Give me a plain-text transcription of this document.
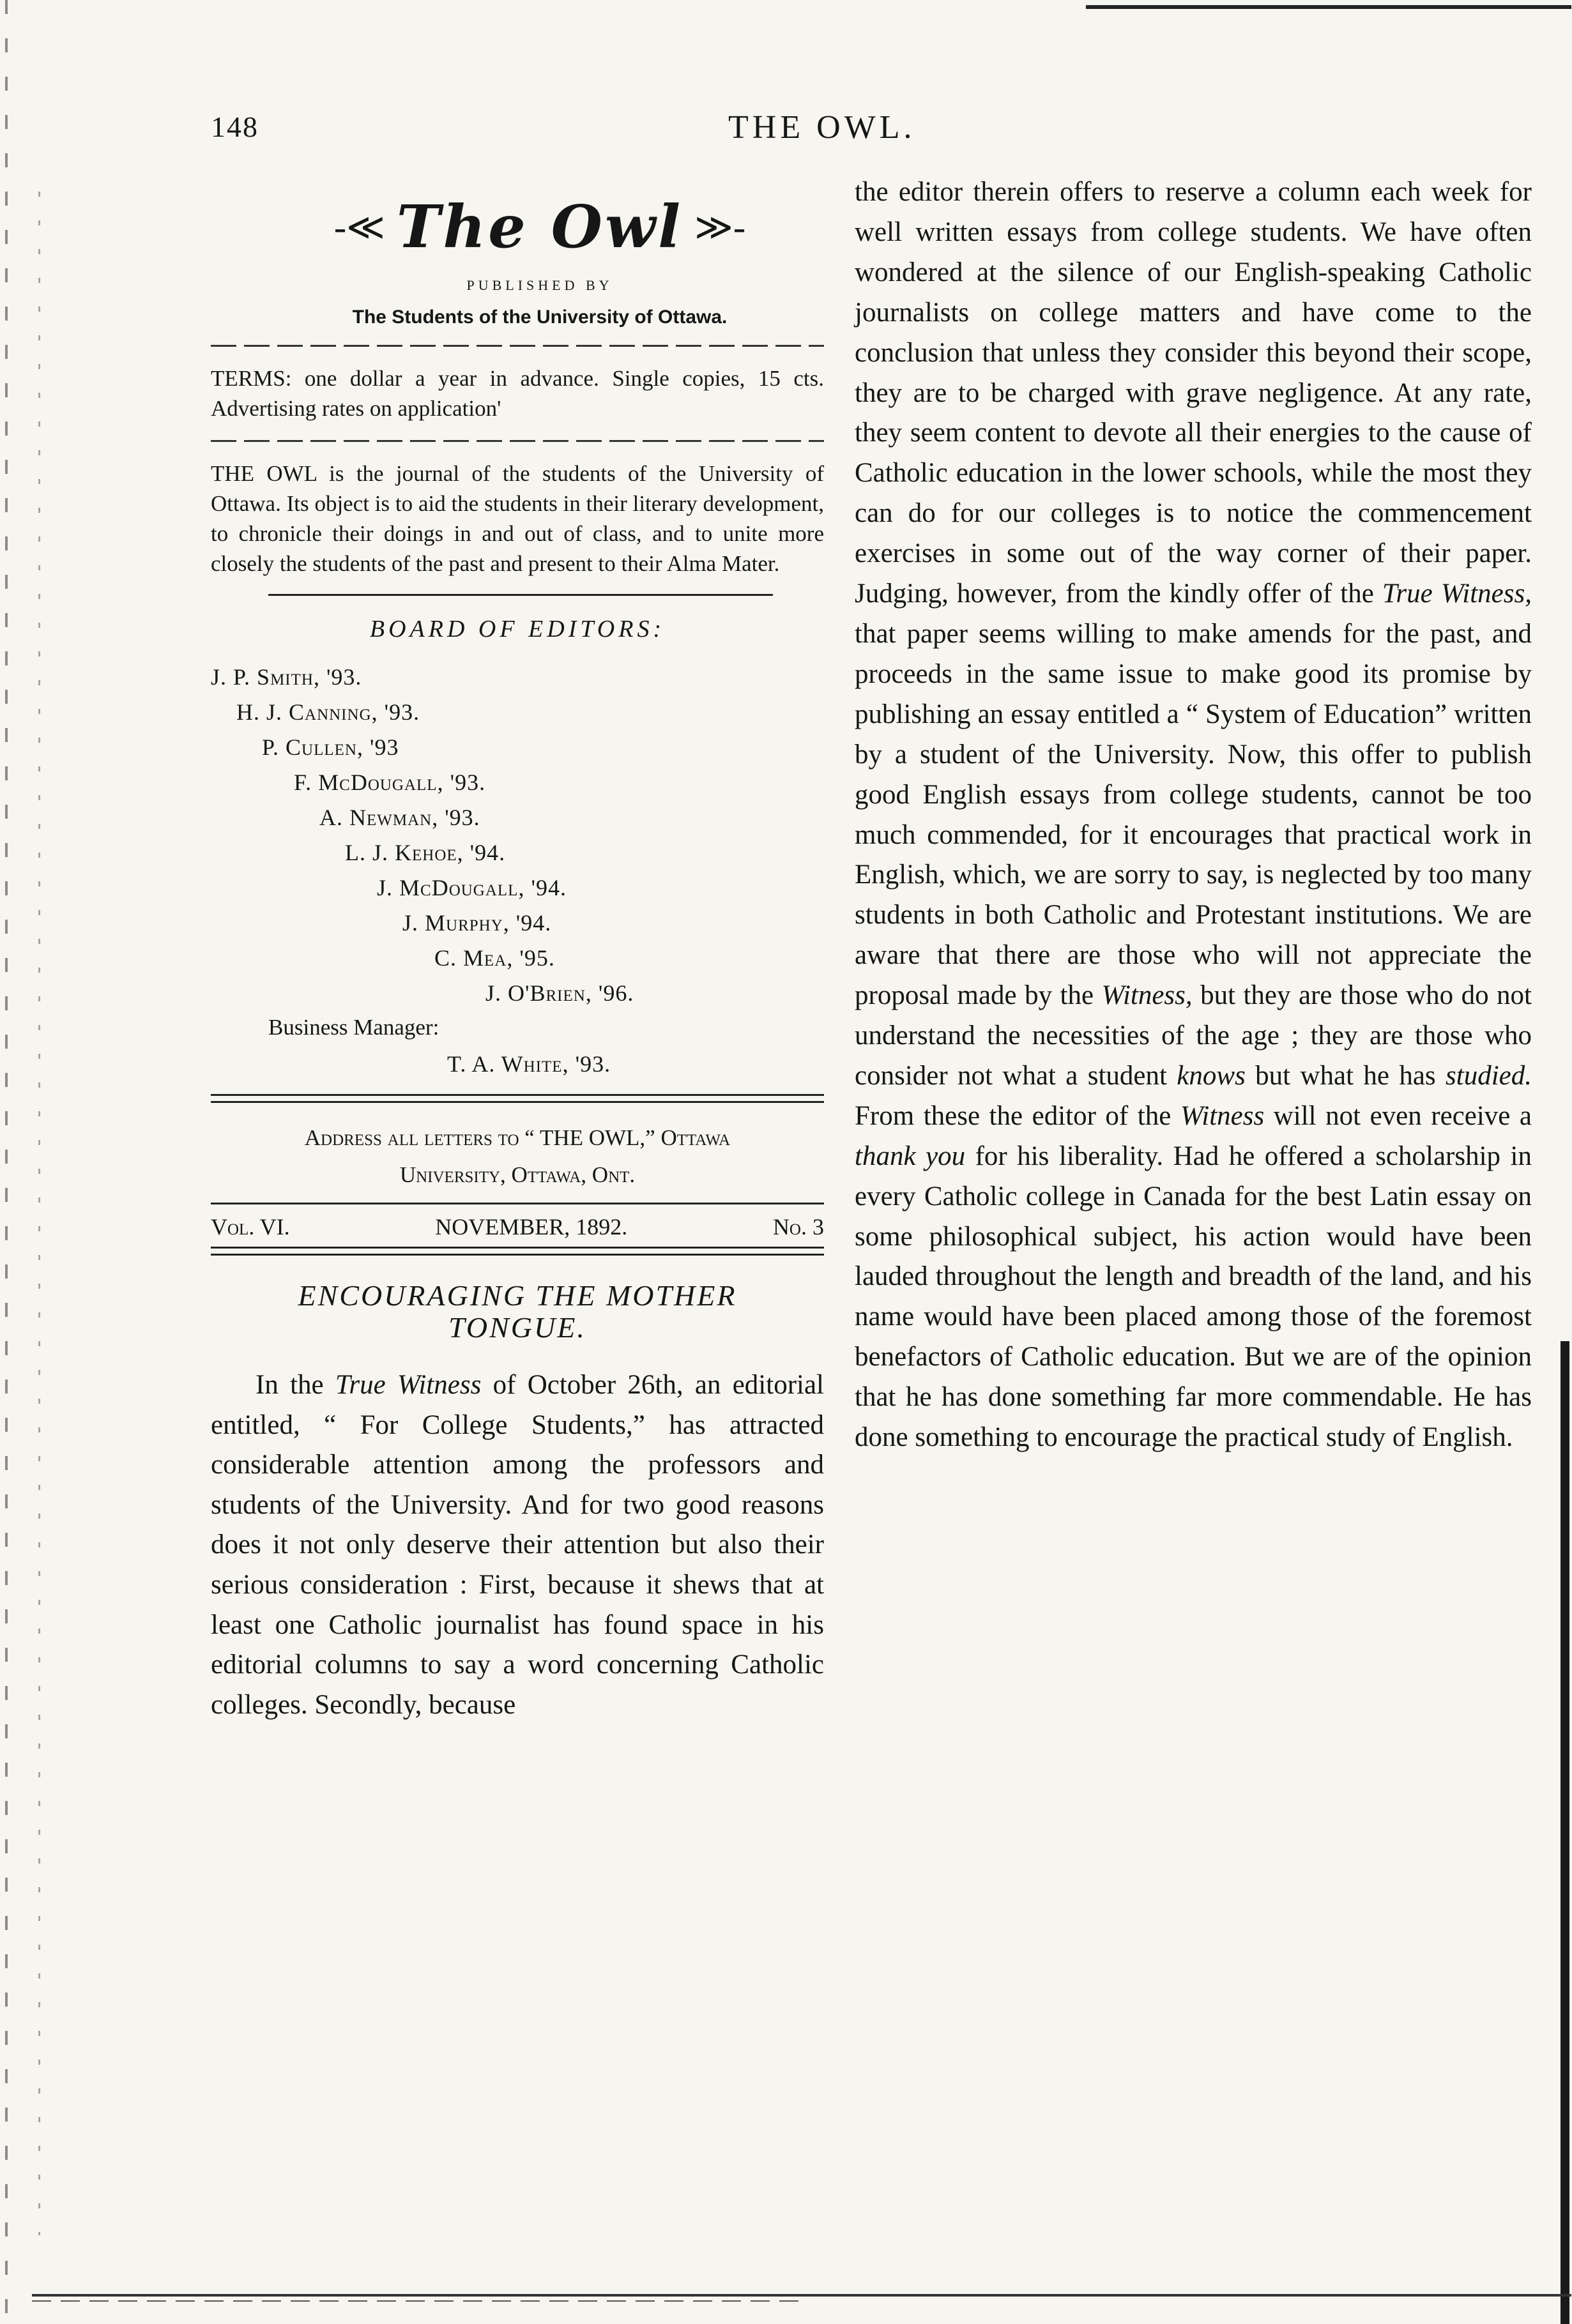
148	THE OWL.
-≪ The Owl ≫-
PUBLISHED BY
The Students of the University of Ottawa.
TERMS: one dollar a year in advance. Single copies, 15 cts. Advertising rates on application'
THE OWL is the journal of the students of the University of Ottawa. Its object is to aid the students in their literary development, to chronicle their doings in and out of class, and to unite more closely the students of the past and present to their Alma Mater.
BOARD OF EDITORS:
J. P. Smith, '93.
H. J. Canning, '93.
P. Cullen, '93
F. McDougall, '93.
A. Newman, '93.
L. J. Kehoe, '94.
J. McDougall, '94.
J. Murphy, '94.
C. Mea, '95.
J. O'Brien, '96.
Business Manager:
T. A. White, '93.
Address all letters to “ THE OWL,” Ottawa
University, Ottawa, Ont.
Vol. VI.	NOVEMBER, 1892.	No. 3
ENCOURAGING THE MOTHER
TONGUE.

In the True Witness of October 26th, an editorial entitled, “ For College Students,” has attracted considerable attention among the professors and students of the University. And for two good reasons does it not only deserve their attention but also their serious consideration : First, because it shews that at least one Catholic journalist has found space in his editorial columns to say a word concerning Catholic colleges. Secondly, because

the editor therein offers to reserve a column each week for well written essays from college students. We have often wondered at the silence of our English-speaking Catholic journalists on college matters and have come to the conclusion that unless they consider this beyond their scope, they are to be charged with grave negligence. At any rate, they seem content to devote all their energies to the cause of Catholic education in the lower schools, while the most they can do for our colleges is to notice the commencement exercises in some out of the way corner of their paper. Judging, however, from the kindly offer of the True Witness, that paper seems willing to make amends for the past, and proceeds in the same issue to make good its promise by publishing an essay entitled a “ System of Education” written by a student of the University. Now, this offer to publish good English essays from college students, cannot be too much commended, for it encourages that practical work in English, which, we are sorry to say, is neglected by too many students in both Catholic and Protestant institutions. We are aware that there are those who will not appreciate the proposal made by the Witness, but they are those who do not understand the necessities of the age ; they are those who consider not what a student knows but what he has studied. From these the editor of the Witness will not even receive a thank you for his liberality. Had he offered a scholarship in every Catholic college in Canada for the best Latin essay on some philosophical subject, his action would have been lauded throughout the length and breadth of the land, and his name would have been placed among those of the foremost benefactors of Catholic education. But we are of the opinion that he has done something far more commendable. He has done something to encourage the practical study of English.
